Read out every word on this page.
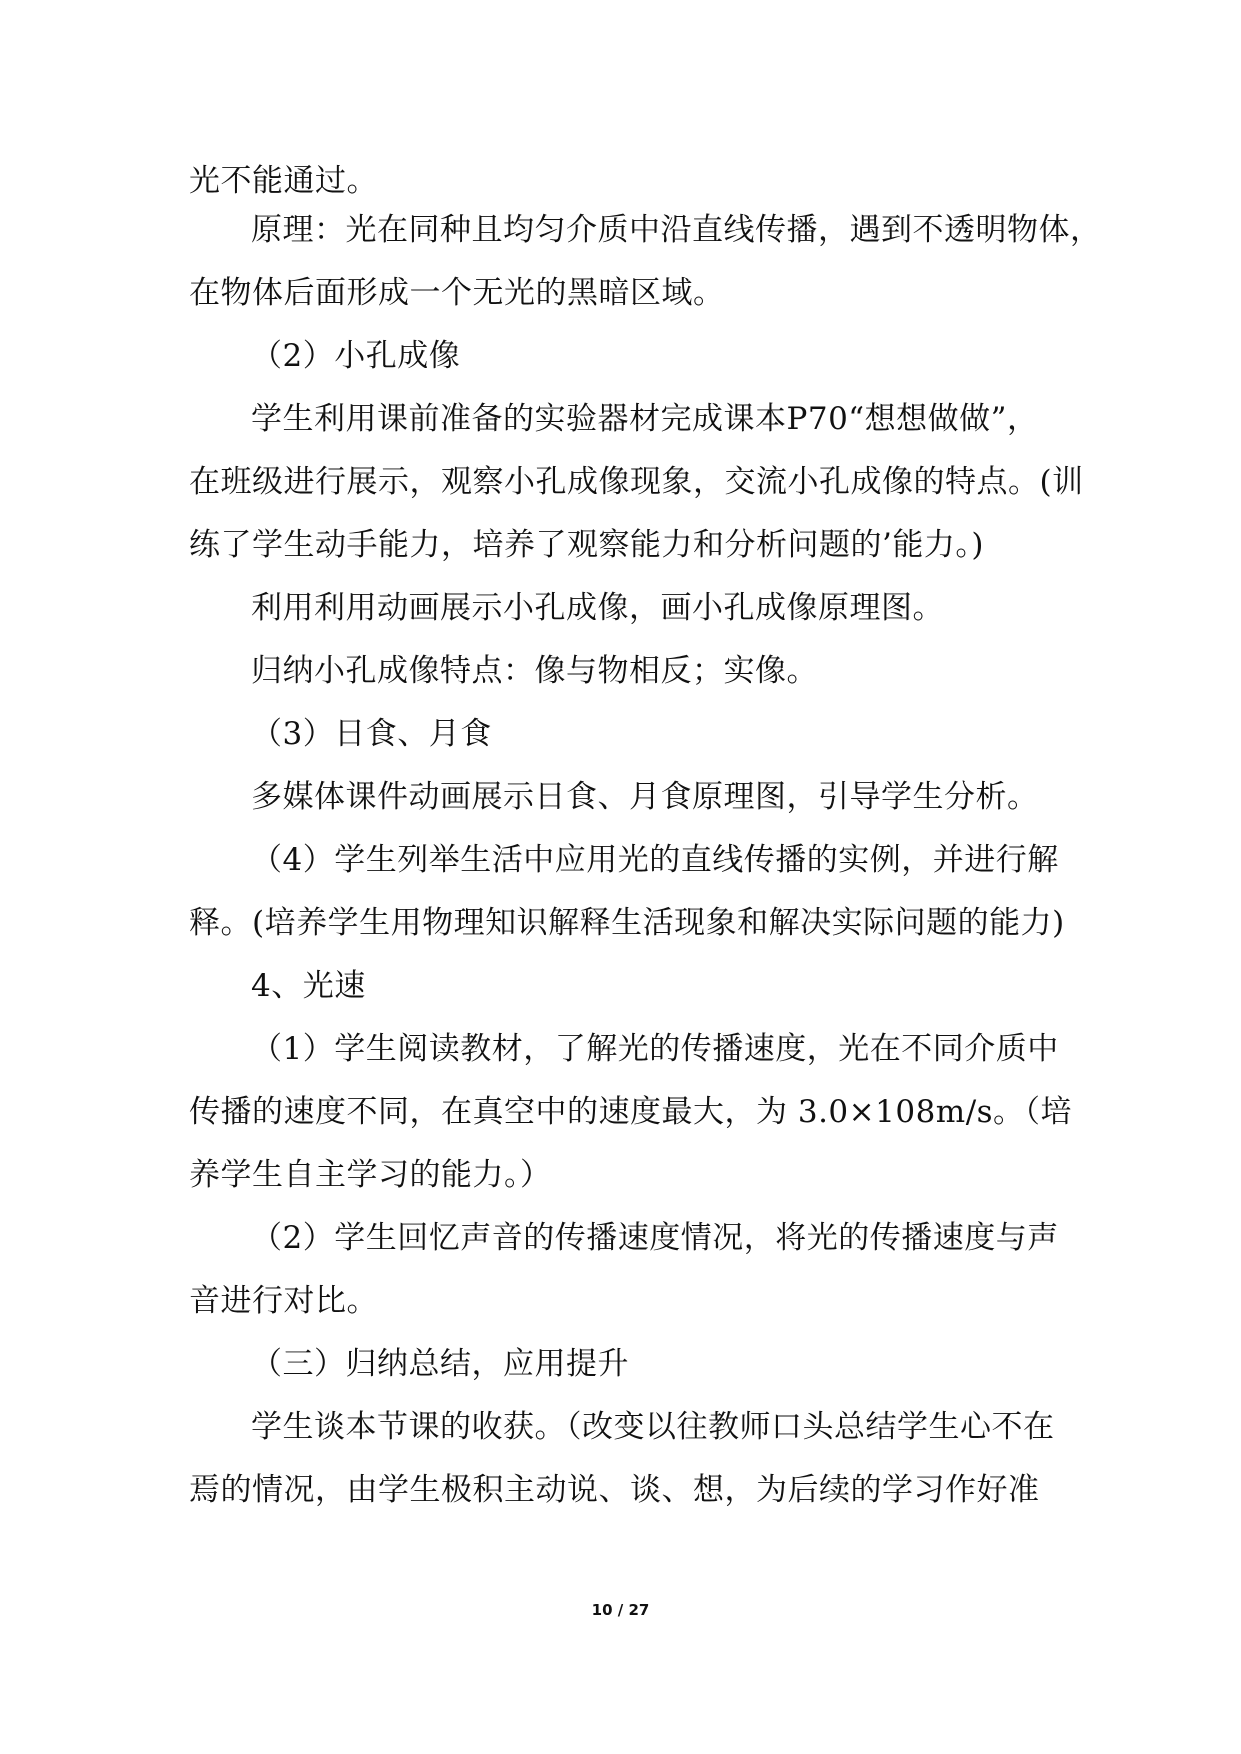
光不能通过。
原理：光在同种且均匀介质中沿直线传播，遇到不透明物体，
在物体后面形成一个无光的黑暗区域。
（2）小孔成像
学生利用课前准备的实验器材完成课本P70“想想做做”，
在班级进行展示，观察小孔成像现象，交流小孔成像的特点。(训
练了学生动手能力，培养了观察能力和分析问题的’能力。)
利用利用动画展示小孔成像，画小孔成像原理图。
归纳小孔成像特点：像与物相反；实像。
（3）日食、月食
多媒体课件动画展示日食、月食原理图，引导学生分析。
（4）学生列举生活中应用光的直线传播的实例，并进行解
释。(培养学生用物理知识解释生活现象和解决实际问题的能力)
4、光速
（1）学生阅读教材，了解光的传播速度，光在不同介质中
传播的速度不同，在真空中的速度最大，为 3.0×108m/s。（培
养学生自主学习的能力。）
（2）学生回忆声音的传播速度情况，将光的传播速度与声
音进行对比。
（三）归纳总结，应用提升
学生谈本节课的收获。（改变以往教师口头总结学生心不在
焉的情况，由学生极积主动说、谈、想，为后续的学习作好准
10 / 27
